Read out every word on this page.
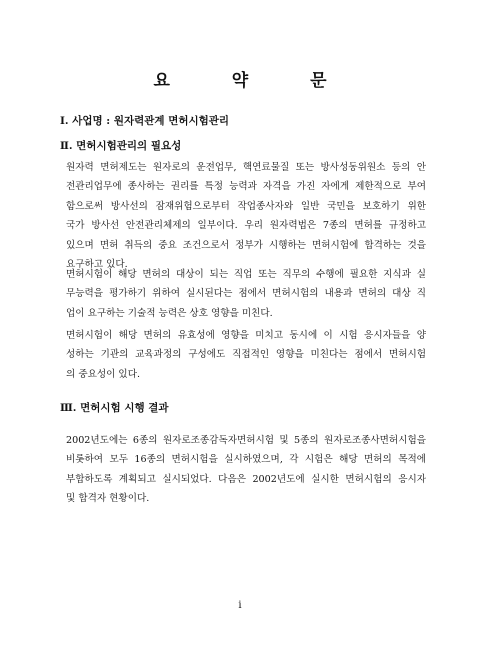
요 약 문
Ⅰ. 사업명 : 원자력관계 면허시험관리
Ⅱ. 면허시험관리의 필요성
원자력 면허제도는 원자로의 운전업무, 핵연료물질 또는 방사성동위원소 등의 안
전관리업무에 종사하는 권리를 특정 능력과 자격을 가진 자에게 제한적으로 부여
함으로써 방사선의 잠재위험으로부터 작업종사자와 일반 국민을 보호하기 위한
국가 방사선 안전관리체제의 일부이다. 우리 원자력법은 7종의 면허를 규정하고
있으며 면허 취득의 중요 조건으로서 정부가 시행하는 면허시험에 합격하는 것을
요구하고 있다.
면허시험이 해당 면허의 대상이 되는 직업 또는 직무의 수행에 필요한 지식과 실
무능력을 평가하기 위하여 실시된다는 점에서 면허시험의 내용과 면허의 대상 직
업이 요구하는 기술적 능력은 상호 영향을 미친다.
면허시험이 해당 면허의 유효성에 영향을 미치고 동시에 이 시험 응시자들을 양
성하는 기관의 교육과정의 구성에도 직접적인 영향을 미친다는 점에서 면허시험
의 중요성이 있다.
Ⅲ. 면허시험 시행 결과
2002년도에는 6종의 원자로조종감독자면허시험 및 5종의 원자로조종사면허시험을
비롯하여 모두 16종의 면허시험을 실시하였으며, 각 시험은 해당 면허의 목적에
부합하도록 계획되고 실시되었다. 다음은 2002년도에 실시한 면허시험의 응시자
및 합격자 현황이다.
i
